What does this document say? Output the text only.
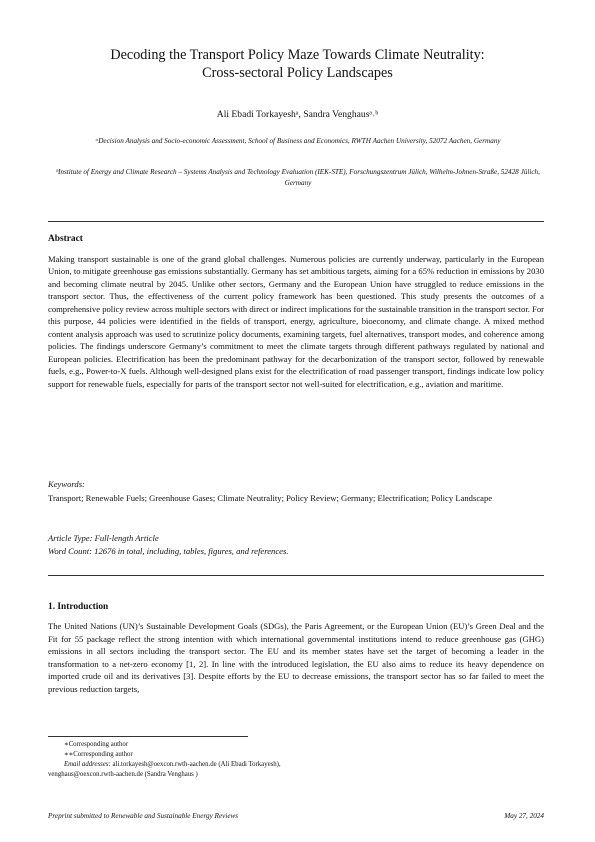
Decoding the Transport Policy Maze Towards Climate Neutrality:
Cross-sectoral Policy Landscapes
Ali Ebadi Torkayeshᵃ, Sandra Venghausᵃ˒ᵇ
ᵃDecision Analysis and Socio-economic Assessment, School of Business and Economics, RWTH Aachen University, 52072 Aachen, Germany
ᵇInstitute of Energy and Climate Research – Systems Analysis and Technology Evaluation (IEK-STE), Forschungszentrum Jülich, Wilhelm-Johnen-Straße, 52428 Jülich, Germany
Abstract

Making transport sustainable is one of the grand global challenges. Numerous policies are currently underway, particularly in the European Union, to mitigate greenhouse gas emissions substantially. Germany has set ambitious targets, aiming for a 65% reduction in emissions by 2030 and becoming climate neutral by 2045. Unlike other sectors, Germany and the European Union have struggled to reduce emissions in the transport sector. Thus, the effectiveness of the current policy framework has been questioned. This study presents the outcomes of a comprehensive policy review across multiple sectors with direct or indirect implications for the sustainable transition in the transport sector. For this purpose, 44 policies were identified in the fields of transport, energy, agriculture, bioeconomy, and climate change. A mixed method content analysis approach was used to scrutinize policy documents, examining targets, fuel alternatives, transport modes, and coherence among policies. The findings underscore Germany’s commitment to meet the climate targets through different pathways regulated by national and European policies. Electrification has been the predominant pathway for the decarbonization of the transport sector, followed by renewable fuels, e.g., Power-to-X fuels. Although well-designed plans exist for the electrification of road passenger transport, findings indicate low policy support for renewable fuels, especially for parts of the transport sector not well-suited for electrification, e.g., aviation and maritime.

Keywords:

Transport; Renewable Fuels; Greenhouse Gases; Climate Neutrality; Policy Review; Germany; Electrification; Policy Landscape

Article Type: Full-length Article
Word Count: 12676 in total, including, tables, figures, and references.
1. Introduction

The United Nations (UN)’s Sustainable Development Goals (SDGs), the Paris Agreement, or the European Union (EU)’s Green Deal and the Fit for 55 package reflect the strong intention with which international governmental institutions intend to reduce greenhouse gas (GHG) emissions in all sectors including the transport sector. The EU and its member states have set the target of becoming a leader in the transformation to a net-zero economy [1, 2]. In line with the introduced legislation, the EU also aims to reduce its heavy dependence on imported crude oil and its derivatives [3]. Despite efforts by the EU to decrease emissions, the transport sector has so far failed to meet the previous reduction targets,

∗Corresponding author
∗∗Corresponding author
Email addresses: ali.torkayesh@oexcon.rwth-aachen.de (Ali Ebadi Torkayesh),
venghaus@oexcon.rwth-aachen.de (Sandra Venghaus )
Preprint submitted to Renewable and Sustainable Energy Reviews	May 27, 2024
